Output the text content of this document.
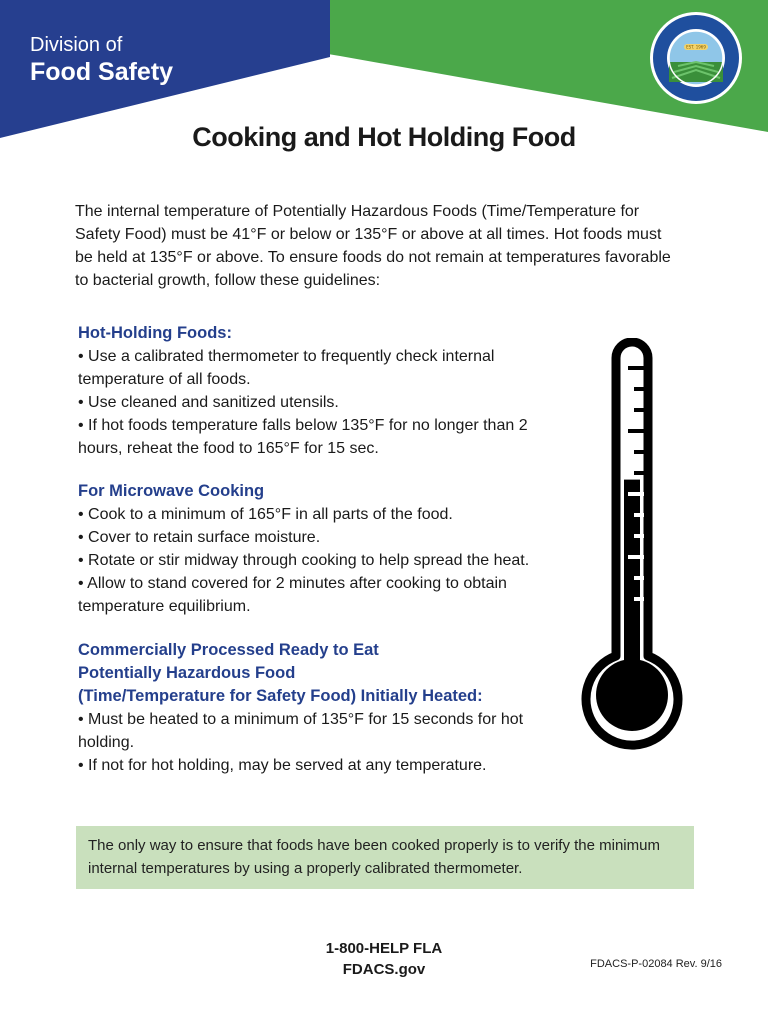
Division of
Food Safety
EST. 1969
Cooking and Hot Holding Food
The internal temperature of Potentially Hazardous Foods (Time/Temperature for Safety Food) must be 41°F or below or 135°F or above at all times. Hot foods must be held at 135°F or above. To ensure foods do not remain at temperatures favorable to bacterial growth, follow these guidelines:
Hot-Holding Foods:

• Use a calibrated thermometer to frequently check internal temperature of all foods.

• Use cleaned and sanitized utensils.

• If hot foods temperature falls below 135°F for no longer than 2 hours, reheat the food to 165°F for 15 sec.

For Microwave Cooking

• Cook to a minimum of 165°F in all parts of the food.

• Cover to retain surface moisture.

• Rotate or stir midway through cooking to help spread the heat.

• Allow to stand covered for 2 minutes after cooking to obtain temperature equilibrium.

Commercially Processed Ready to Eat
Potentially Hazardous Food
(Time/Temperature for Safety Food) Initially Heated:

• Must be heated to a minimum of 135°F for 15 seconds for hot holding.

• If not for hot holding, may be served at any temperature.

The only way to ensure that foods have been cooked properly is to verify the minimum internal temperatures by using a properly calibrated thermometer.
1-800-HELP FLA
FDACS.gov	FDACS-P-02084 Rev. 9/16
